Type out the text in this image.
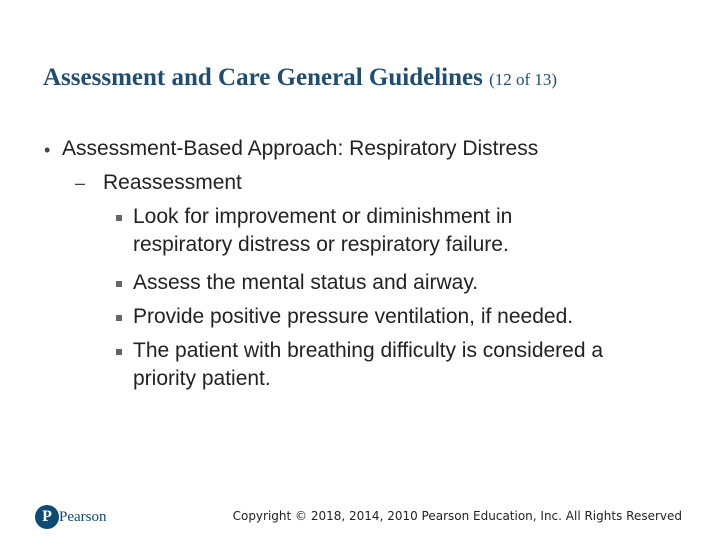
Assessment and Care General Guidelines (12 of 13)
• Assessment-Based Approach: Respiratory Distress
– Reassessment
Look for improvement or diminishment in
respiratory distress or respiratory failure.
Assess the mental status and airway.
Provide positive pressure ventilation, if needed.
The patient with breathing difficulty is considered a
priority patient.
P Pearson	Copyright © 2018, 2014, 2010 Pearson Education, Inc. All Rights Reserved
